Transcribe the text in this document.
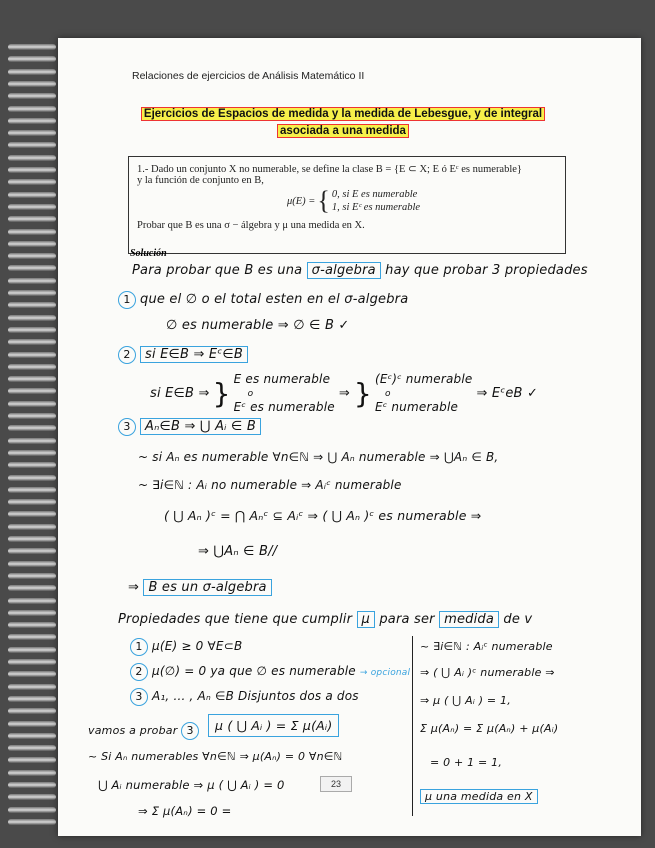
Relaciones de ejercicios de Análisis Matemático II
Ejercicios de Espacios de medida y la medida de Lebesgue, y de integral
asociada a una medida
1.- Dado un conjunto X no numerable, se define la clase B = {E ⊂ X; E ó Eᶜ es numerable}
y la función de conjunto en B,
μ(E) = { 0, si E es numerable
1, si Eᶜ es numerable
Probar que B es una σ − álgebra y μ una medida en X.
Solución
Para probar que B es una σ-algebra hay que probar 3 propiedades
1 que el ∅ o el total esten en el σ-algebra
∅ es numerable ⇒ ∅ ∈ B ✓
2 si E∈B ⇒ Eᶜ∈B
si E∈B ⇒ } E es numerable
o
Eᶜ es numerable
⇒ } (Eᶜ)ᶜ numerable
o
Eᶜ numerable
⇒ EᶜeB ✓
3 Aₙ∈B ⇒ ⋃ Aᵢ ∈ B
~ si Aₙ es numerable ∀n∈ℕ ⇒ ⋃ Aₙ numerable ⇒ ⋃Aₙ ∈ B,
~ ∃i∈ℕ : Aᵢ no numerable ⇒ Aᵢᶜ numerable
( ⋃ Aₙ )ᶜ = ⋂ Aₙᶜ ⊆ Aᵢᶜ ⇒ ( ⋃ Aₙ )ᶜ es numerable ⇒
⇒ ⋃Aₙ ∈ B//
⇒ B es un σ-algebra
Propiedades que tiene que cumplir μ para ser medida de v
1 μ(E) ≥ 0 ∀E⊂B
2 μ(∅) = 0 ya que ∅ es numerable → opcional
3 A₁, ... , Aₙ ∈B Disjuntos dos a dos
vamos a probar 3	μ ( ⋃ Aᵢ ) = Σ μ(Aᵢ)
~ Si Aₙ numerables ∀n∈ℕ ⇒ μ(Aₙ) = 0 ∀n∈ℕ
⋃ Aᵢ numerable ⇒ μ ( ⋃ Aᵢ ) = 0
⇒ Σ μ(Aₙ) = 0 =
~ ∃i∈ℕ : Aᵢᶜ numerable
⇒ ( ⋃ Aᵢ )ᶜ numerable ⇒
⇒ μ ( ⋃ Aᵢ ) = 1,
Σ μ(Aₙ) = Σ μ(Aₙ) + μ(Aᵢ)
= 0 + 1 = 1,
μ una medida en X
23
